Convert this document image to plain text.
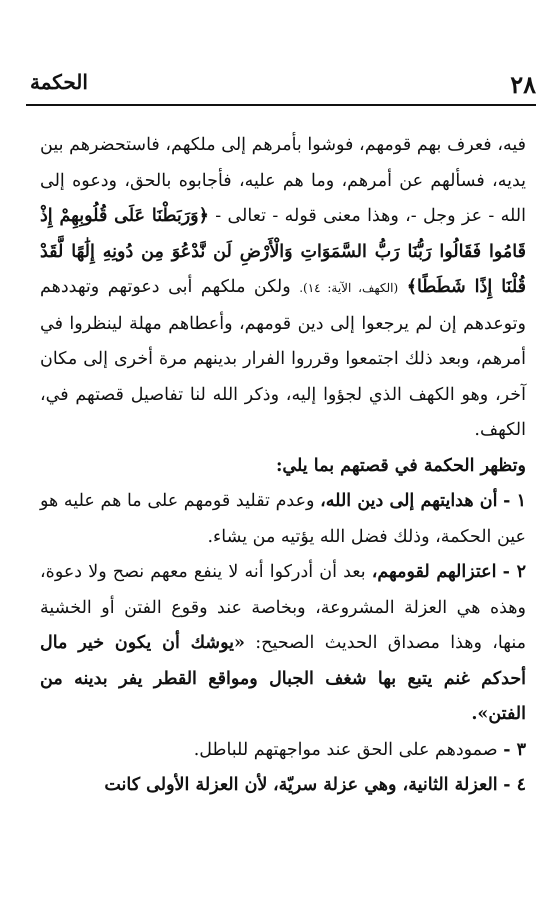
٢٨
الحكمة

فيه، فعرف بهم قومهم، فوشوا بأمرهم إلى ملكهم، فاستحضرهم بين يديه، فسألهم عن أمرهم، وما هم عليه، فأجابوه بالحق، ودعوه إلى الله - عز وجل -، وهذا معنى قوله - تعالى - ﴿وَرَبَطْنَا عَلَى قُلُوبِهِمْ إِذْ قَامُوا فَقَالُوا رَبُّنَا رَبُّ السَّمَوَاتِ وَالْأَرْضِ لَن نَّدْعُوَ مِن دُونِهِ إِلَٰهًا لَّقَدْ قُلْنَا إِذًا شَطَطًا﴾ (الكهف، الآية: ١٤). ولكن ملكهم أبى دعوتهم وتهددهم وتوعدهم إن لم يرجعوا إلى دين قومهم، وأعطاهم مهلة لينظروا في أمرهم، وبعد ذلك اجتمعوا وقرروا الفرار بدينهم مرة أخرى إلى مكان آخر، وهو الكهف الذي لجؤوا إليه، وذكر الله لنا تفاصيل قصتهم في، الكهف.

وتظهر الحكمة في قصتهم بما يلي:

١ - أن هدايتهم إلى دين الله، وعدم تقليد قومهم على ما هم عليه هو عين الحكمة، وذلك فضل الله يؤتيه من يشاء.

٢ - اعتزالهم لقومهم، بعد أن أدركوا أنه لا ينفع معهم نصح ولا دعوة، وهذه هي العزلة المشروعة، وبخاصة عند وقوع الفتن أو الخشية منها، وهذا مصداق الحديث الصحيح: «يوشك أن يكون خير مال أحدكم غنم يتبع بها شغف الجبال ومواقع القطر يفر بدينه من الفتن».

٣ - صمودهم على الحق عند مواجهتهم للباطل.

٤ - العزلة الثانية، وهي عزلة سريّة، لأن العزلة الأولى كانت
